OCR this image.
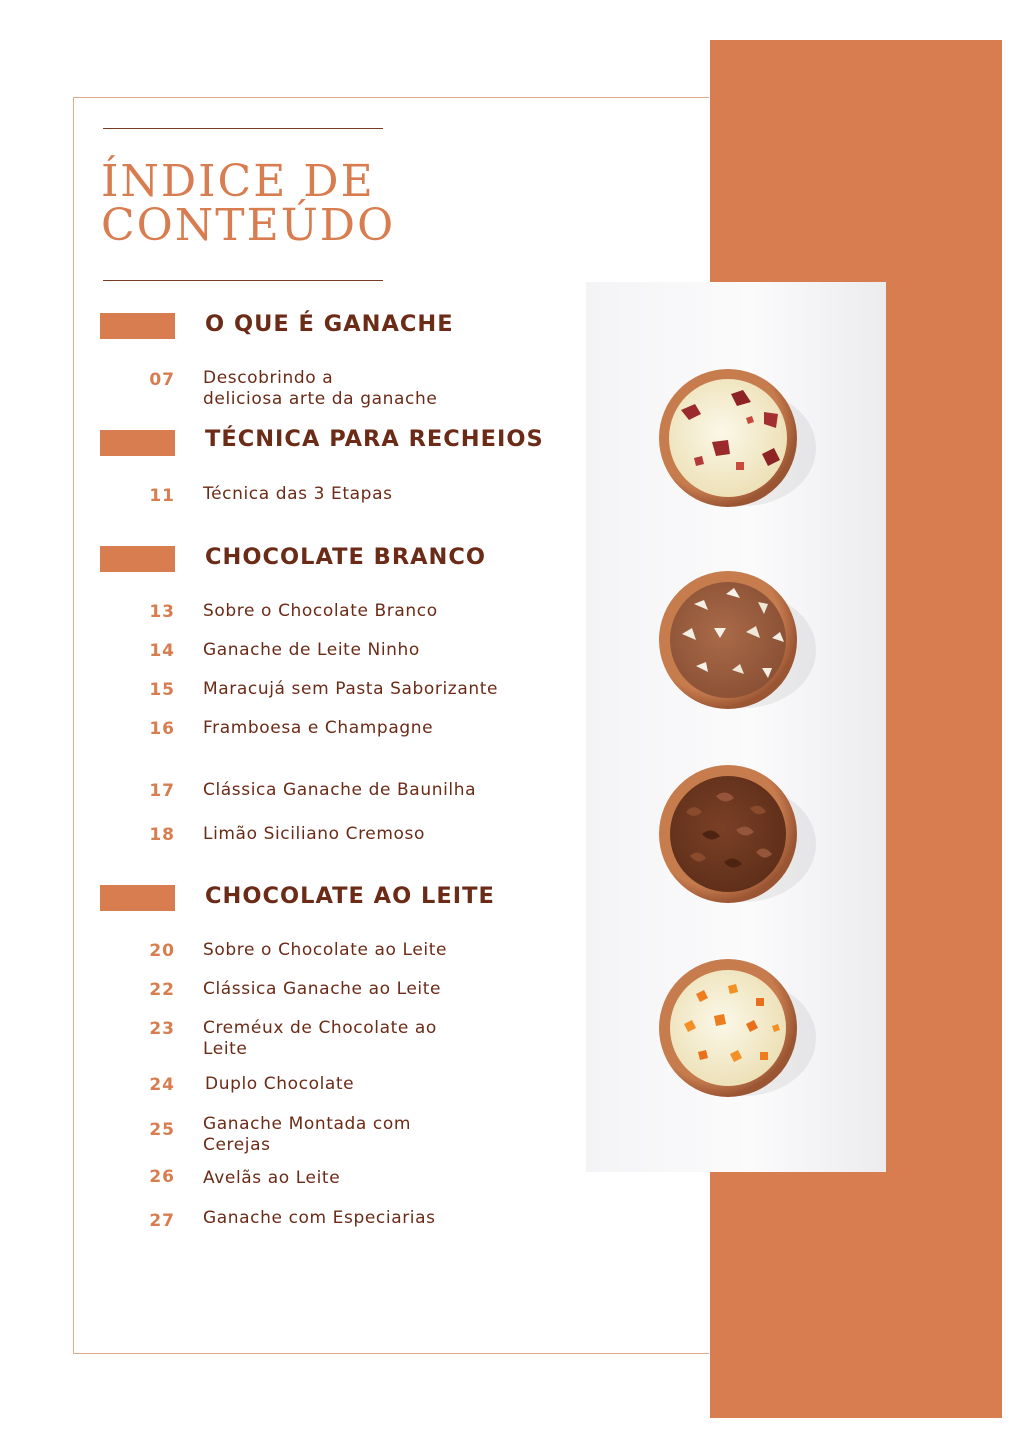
ÍNDICE DE
CONTEÚDO
O QUE É GANACHE
07 Descobrindo a
deliciosa arte da ganache

TÉCNICA PARA RECHEIOS
11 Técnica das 3 Etapas

CHOCOLATE BRANCO
13 Sobre o Chocolate Branco

14 Ganache de Leite Ninho

15 Maracujá sem Pasta Saborizante

16 Framboesa e Champagne

17 Clássica Ganache de Baunilha

18 Limão Siciliano Cremoso

CHOCOLATE AO LEITE
20 Sobre o Chocolate ao Leite

22 Clássica Ganache ao Leite

23 Creméux de Chocolate ao
Leite

24 Duplo Chocolate

25 Ganache Montada com
Cerejas

26 Avelãs ao Leite

27 Ganache com Especiarias
